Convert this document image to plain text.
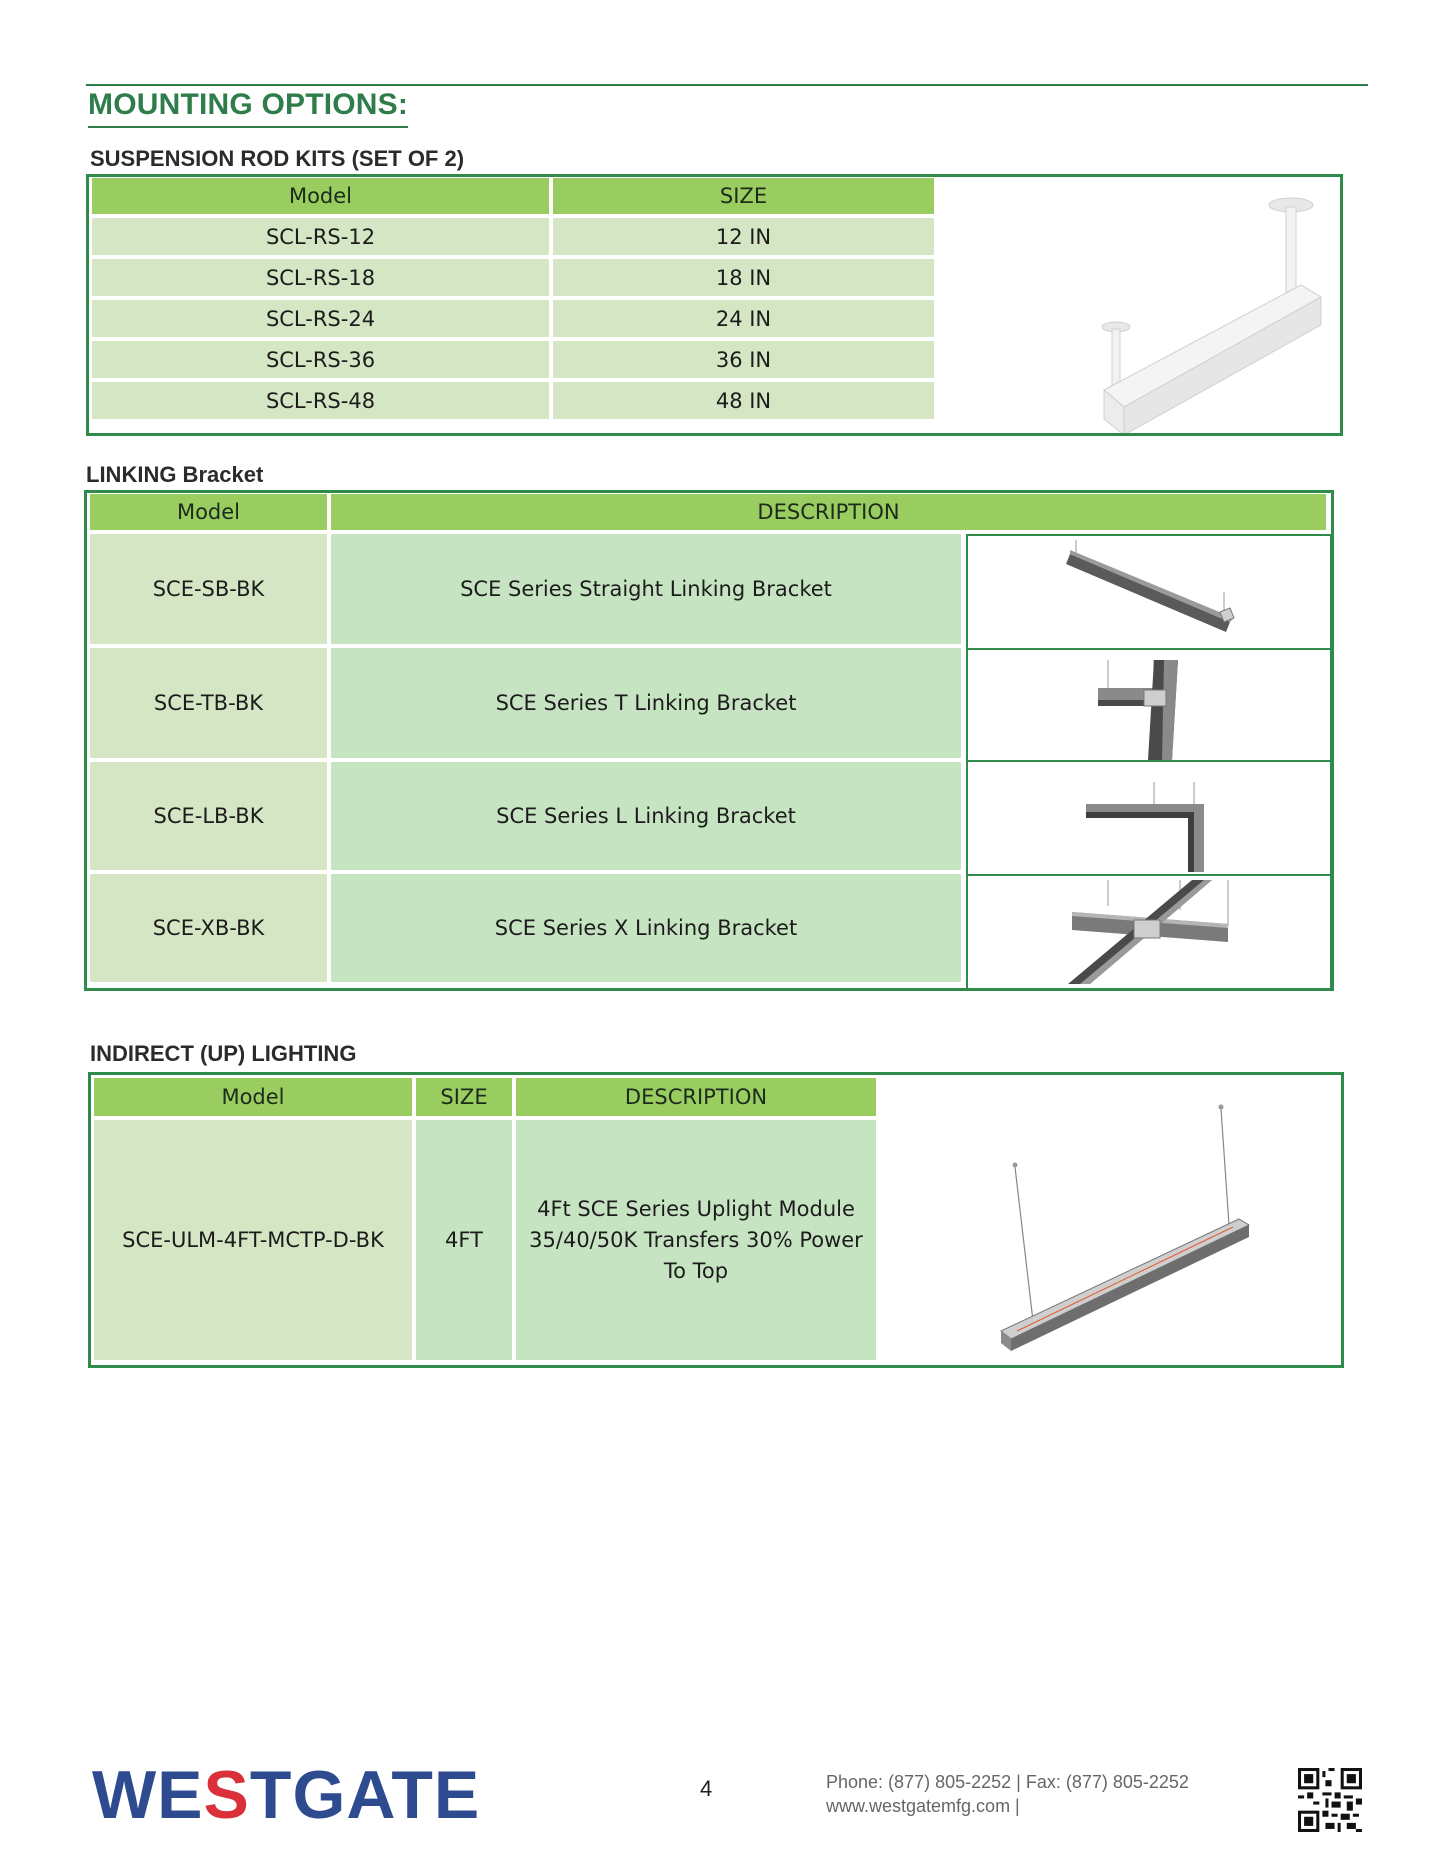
MOUNTING OPTIONS:
SUSPENSION ROD KITS (SET OF 2)
Model	SIZE
SCL-RS-12	12 IN
SCL-RS-18	18 IN
SCL-RS-24	24 IN
SCL-RS-36	36 IN
SCL-RS-48	48 IN
LINKING Bracket
Model	DESCRIPTION	
SCE-SB-BK	SCE Series Straight Linking Bracket	
SCE-TB-BK	SCE Series T Linking Bracket	
SCE-LB-BK	SCE Series L Linking Bracket	
SCE-XB-BK	SCE Series X Linking Bracket	
INDIRECT (UP) LIGHTING
Model	SIZE	DESCRIPTION
SCE-ULM-4FT-MCTP-D-BK	4FT	4Ft SCE Series Uplight Module
35/40/50K Transfers 30% Power
To Top
WESTGATE	4	Phone: (877) 805-2252 | Fax: (877) 805-2252
www.westgatemfg.com |
